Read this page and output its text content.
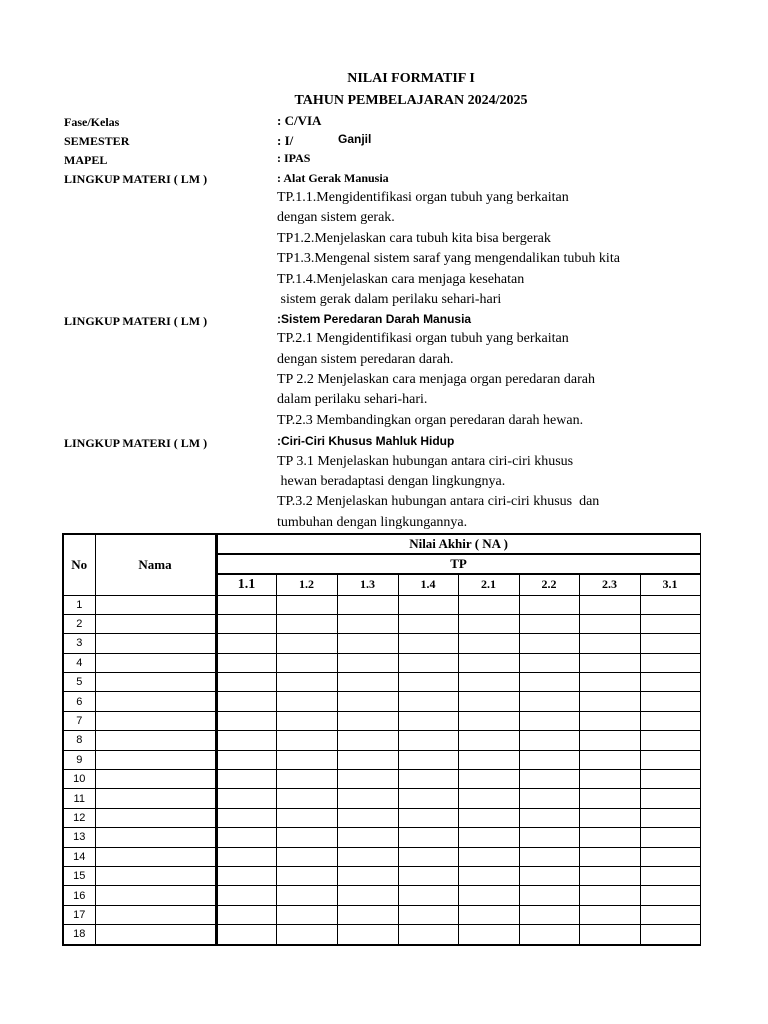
NILAI FORMATIF I
TAHUN PEMBELAJARAN 2024/2025
Fase/Kelas	: C/VIA
SEMESTER	: I/	Ganjil
MAPEL	: IPAS
LINGKUP MATERI ( LM )	: Alat Gerak Manusia
TP.1.1.Mengidentifikasi organ tubuh yang berkaitan
dengan sistem gerak.
TP1.2.Menjelaskan cara tubuh kita bisa bergerak
TP1.3.Mengenal sistem saraf yang mengendalikan tubuh kita
TP.1.4.Menjelaskan cara menjaga kesehatan
sistem gerak dalam perilaku sehari-hari
LINGKUP MATERI ( LM )	:Sistem Peredaran Darah Manusia
TP.2.1 Mengidentifikasi organ tubuh yang berkaitan
dengan sistem peredaran darah.
TP 2.2 Menjelaskan cara menjaga organ peredaran darah
dalam perilaku sehari-hari.
TP.2.3 Membandingkan organ peredaran darah hewan.
LINGKUP MATERI ( LM )	:Ciri-Ciri Khusus Mahluk Hidup
TP 3.1 Menjelaskan hubungan antara ciri-ciri khusus
hewan beradaptasi dengan lingkungnya.
TP.3.2 Menjelaskan hubungan antara ciri-ciri khusus  dan
tumbuhan dengan lingkungannya.
No	Nama	Nilai Akhir ( NA )							
		TP							
		1.1	1.2	1.3	1.4	2.1	2.2	2.3	3.1
1									
2									
3									
4									
5									
6									
7									
8									
9									
10									
11									
12									
13									
14									
15									
16									
17									
18									
